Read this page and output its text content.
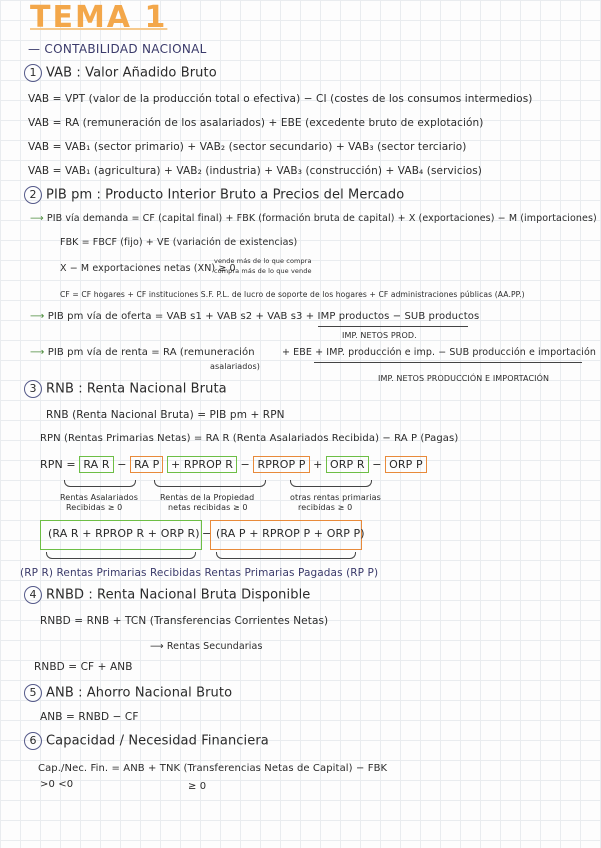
TEMA 1
— CONTABILIDAD NACIONAL
1 VAB : Valor Añadido Bruto
VAB = VPT (valor de la producción total o efectiva) − CI (costes de los consumos intermedios)
VAB = RA (remuneración de los asalariados) + EBE (excedente bruto de explotación)
VAB = VAB₁ (sector primario) + VAB₂ (sector secundario) + VAB₃ (sector terciario)
VAB = VAB₁ (agricultura) + VAB₂ (industria) + VAB₃ (construcción) + VAB₄ (servicios)
2 PIB pm : Producto Interior Bruto a Precios del Mercado
⟶ PIB vía demanda = CF (capital final) + FBK (formación bruta de capital) + X (exportaciones) − M (importaciones)
FBK = FBCF (fijo) + VE (variación de existencias)
X − M exportaciones netas (XN) ≥ 0
vende más de lo que compra
compra más de lo que vende
CF = CF hogares + CF instituciones S.F. P.L. de lucro de soporte de los hogares + CF administraciones públicas (AA.PP.)
⟶ PIB pm vía de oferta = VAB s1 + VAB s2 + VAB s3 + IMP productos − SUB productos
IMP. NETOS PROD.
⟶ PIB pm vía de renta = RA (remuneración
asalariados)
+ EBE + IMP. producción e imp. − SUB producción e importación
IMP. NETOS PRODUCCIÓN E IMPORTACIÓN
3 RNB : Renta Nacional Bruta
RNB (Renta Nacional Bruta) = PIB pm + RPN
RPN (Rentas Primarias Netas) = RA R (Renta Asalariados Recibida) − RA P (Pagas)
RPN = RA R − RA P + RPROP R − RPROP P + ORP R − ORP P
Rentas Asalariados
Recibidas ≥ 0
Rentas de la Propiedad
netas recibidas ≥ 0
otras rentas primarias
recibidas ≥ 0
(RA R + RPROP R + ORP R) − (RA P + RPROP P + ORP P)
(RP R) Rentas Primarias Recibidas Rentas Primarias Pagadas (RP P)
4 RNBD : Renta Nacional Bruta Disponible
RNBD = RNB + TCN (Transferencias Corrientes Netas)
⟶ Rentas Secundarias
RNBD = CF + ANB
5 ANB : Ahorro Nacional Bruto
ANB = RNBD − CF
6 Capacidad / Necesidad Financiera
Cap./Nec. Fin. = ANB + TNK (Transferencias Netas de Capital) − FBK
>0 <0	≥ 0
